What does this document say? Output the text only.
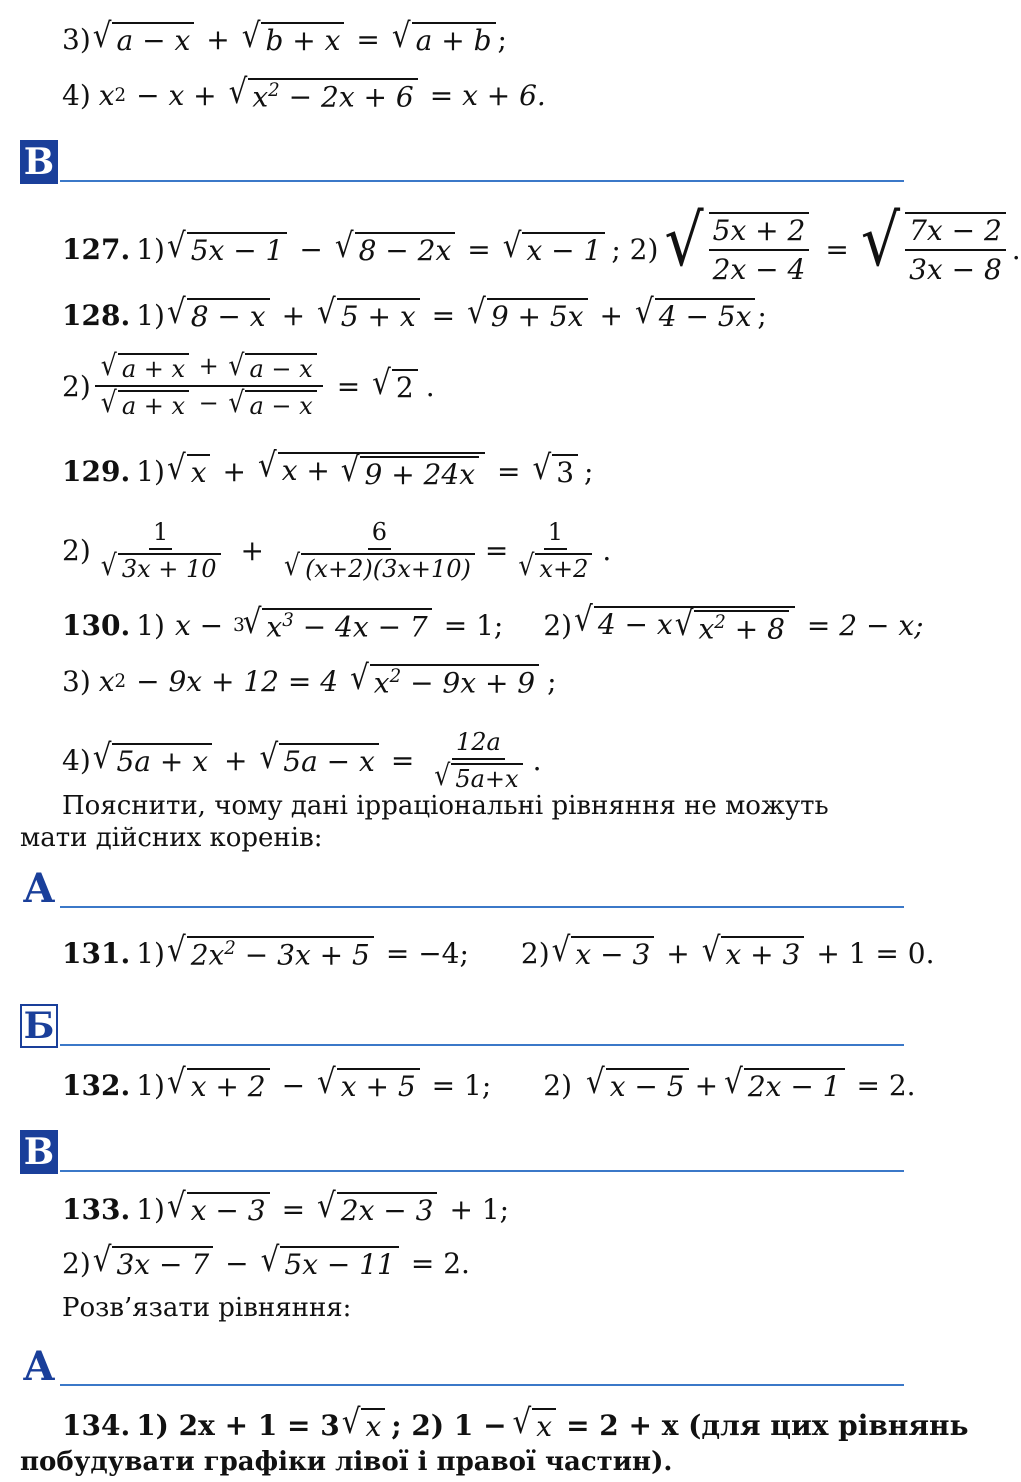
3) √ a − x + √ b + x = √ a + b ;
4) x 2 − x + √ $x^2 - 2x + 6 = x + 6$.
В
127. 1) √ 5x − 1 − √ 8 − 2x = √ x − 1 ; 2) √ $\frac{5x + 2}{2x - 4}$ = √ $\frac{7x - 2}{3x - 8}$ .
128. 1) √ 8 − x + √ 5 + x = √ 9 + 5x + √ 4 − 5x ;
$2) \frac{√ a + x + √ a - x}{√ a + x - √ a - x}$ = √ 2 .
129. 1) √ x + √ x + √ 9 + 24x = √ 3 ;
$2) \frac{1}{√ 3x + 10} + \frac{6}{√ (x+2)(3x+10)} = \frac{1}{√ x+2}$ .
130. 1) x − 3
√ $x^3 - 4x - 7 = 1$; 2) √ 4 − x √ $x^2 + 8 = 2 - x$;
3) x 2 − 9x + 12 = 4 √ $x^2 - 9x + 9$ ;
4) √ 5a + x + √ $5a - x = \frac{12a}{√ 5a+x}$ .
Пояснити, чому дані ірраціональні рівняння не можуть мати дійсних коренів:
А
131. 1) √ $2x^2 - 3x + 5 = -4$; 2) √ x − 3 + √ x + 3 + 1 = 0.
Б
132. 1) √ x + 2 − √ x + 5 = 1; 2) √ x − 5 + √ 2x − 1 = 2.
В
133. 1) √ x − 3 = √ 2x − 3 + 1;
2) √ 3x − 7 − √ 5x − 11 = 2.
Розв’язати рівняння:
А
134. 1) 2x + 1 = 3 √ x ; 2) 1 − √ x = 2 + x (для цих рівнянь
побудувати графіки лівої і правої частин).
